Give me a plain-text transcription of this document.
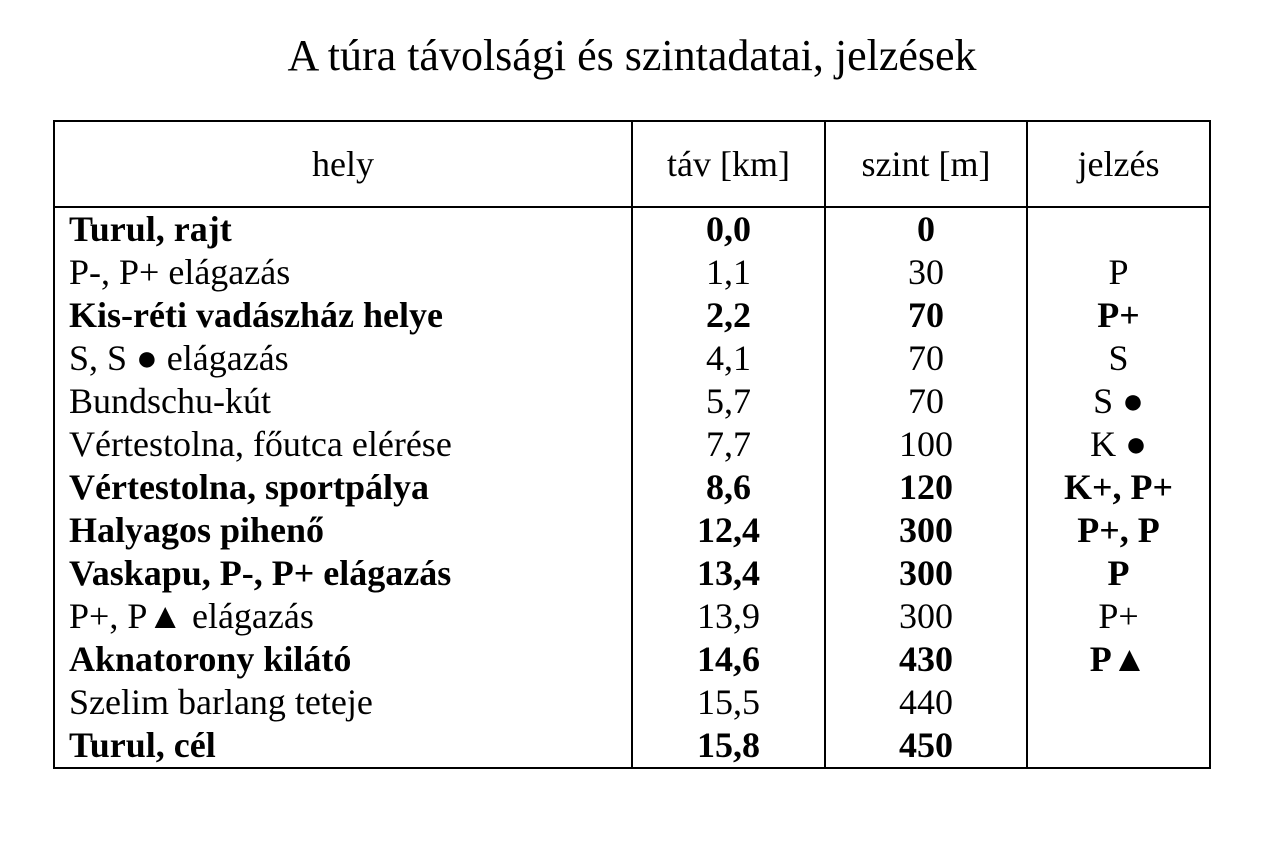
A túra távolsági és szintadatai, jelzések
hely	táv [km]	szint [m]	jelzés
Turul, rajt	0,0	0	
P-, P+ elágazás	1,1	30	P
Kis-réti vadászház helye	2,2	70	P+
S, S ● elágazás	4,1	70	S
Bundschu-kút	5,7	70	S ●
Vértestolna, főutca elérése	7,7	100	K ●
Vértestolna, sportpálya	8,6	120	K+, P+
Halyagos pihenő	12,4	300	P+, P
Vaskapu, P-, P+ elágazás	13,4	300	P
P+, P▲ elágazás	13,9	300	P+
Aknatorony kilátó	14,6	430	P▲
Szelim barlang teteje	15,5	440	
Turul, cél	15,8	450	
